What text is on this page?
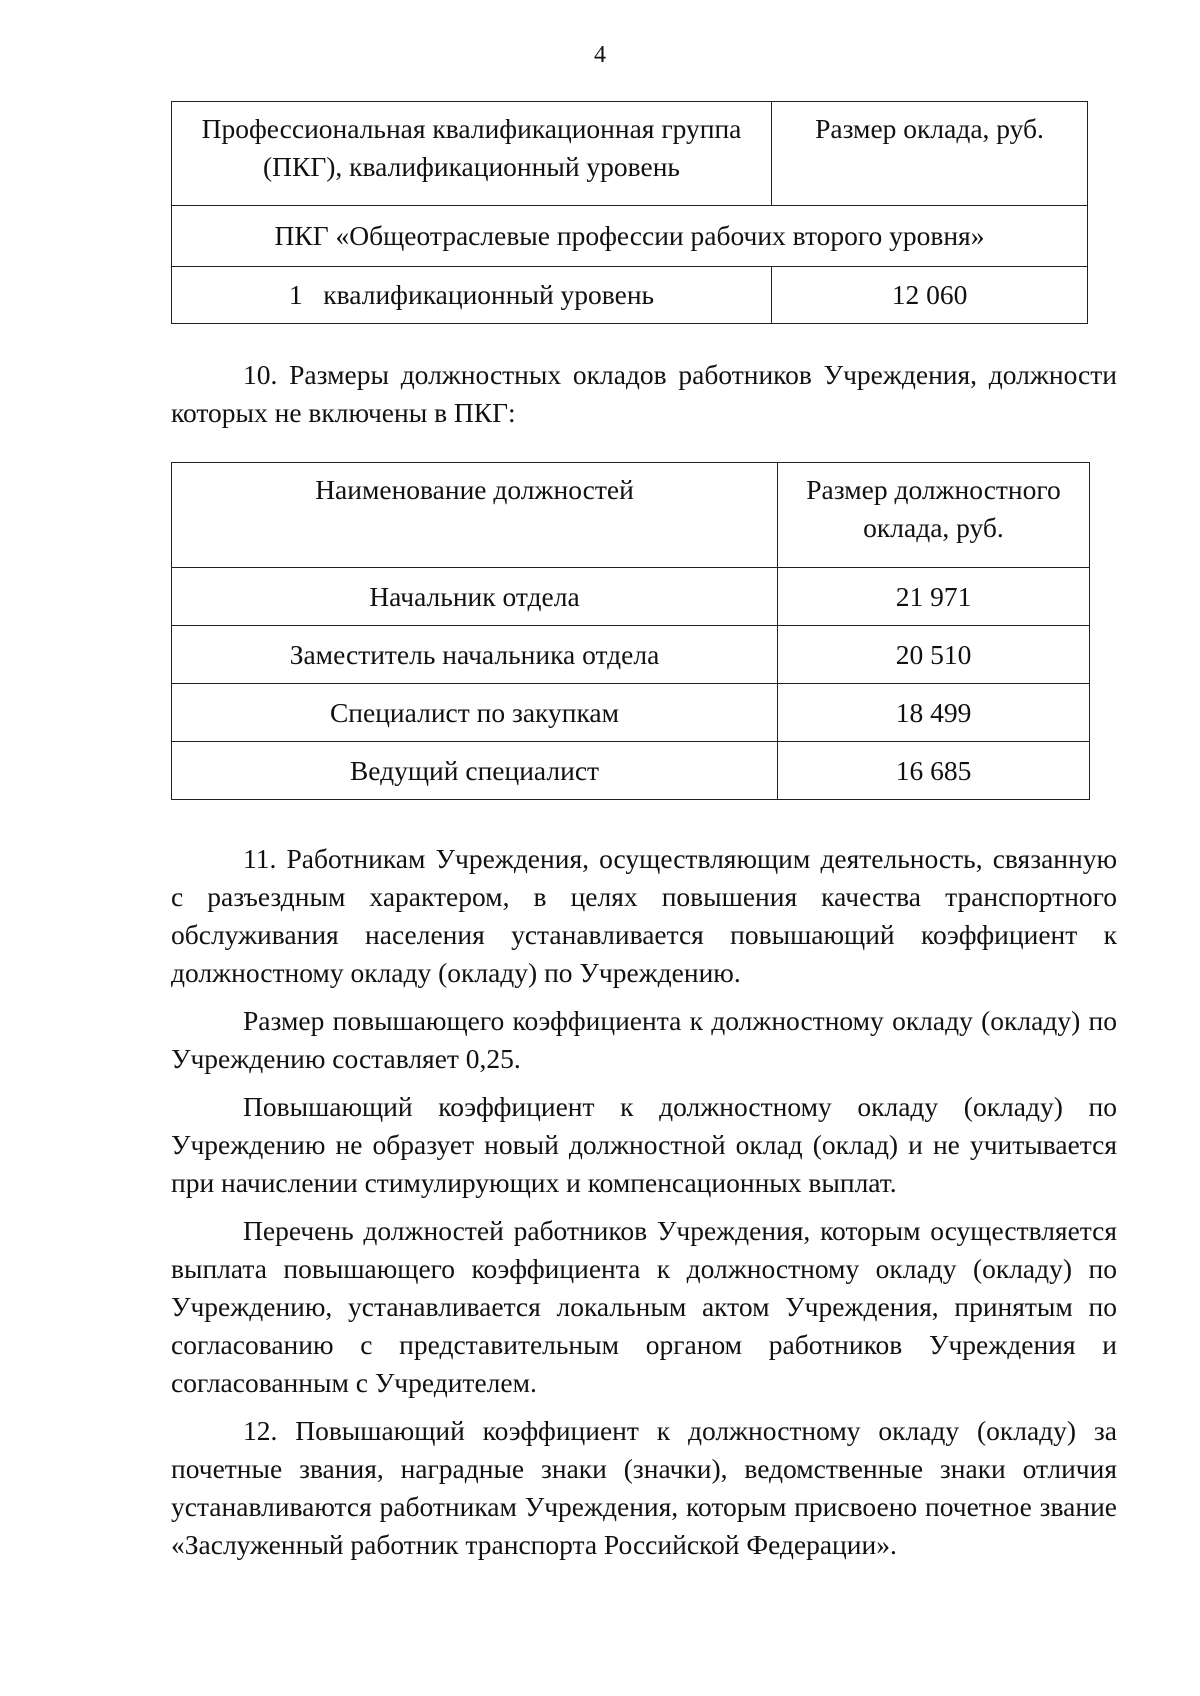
4
Профессиональная квалификационная группа (ПКГ), квалификационный уровень	Размер оклада, руб.
ПКГ «Общеотраслевые профессии рабочих второго уровня»	
1   квалификационный уровень	12 060

10. Размеры должностных окладов работников Учреждения, должности которых не включены в ПКГ:

Наименование должностей	Размер должностного оклада, руб.
Начальник отдела	21 971
Заместитель начальника отдела	20 510
Специалист по закупкам	18 499
Ведущий специалист	16 685

11. Работникам Учреждения, осуществляющим деятельность, связанную с разъездным характером, в целях повышения качества транспортного обслуживания населения устанавливается повышающий коэффициент к должностному окладу (окладу) по Учреждению.

Размер повышающего коэффициента к должностному окладу (окладу) по Учреждению составляет 0,25.

Повышающий коэффициент к должностному окладу (окладу) по Учреждению не образует новый должностной оклад (оклад) и не учитывается при начислении стимулирующих и компенсационных выплат.

Перечень должностей работников Учреждения, которым осуществляется выплата повышающего коэффициента к должностному окладу (окладу) по Учреждению, устанавливается локальным актом Учреждения, принятым по согласованию с представительным органом работников Учреждения и согласованным с Учредителем.

12. Повышающий коэффициент к должностному окладу (окладу) за почетные звания, наградные знаки (значки), ведомственные знаки отличия устанавливаются работникам Учреждения, которым присвоено почетное звание «Заслуженный работник транспорта Российской Федерации».
